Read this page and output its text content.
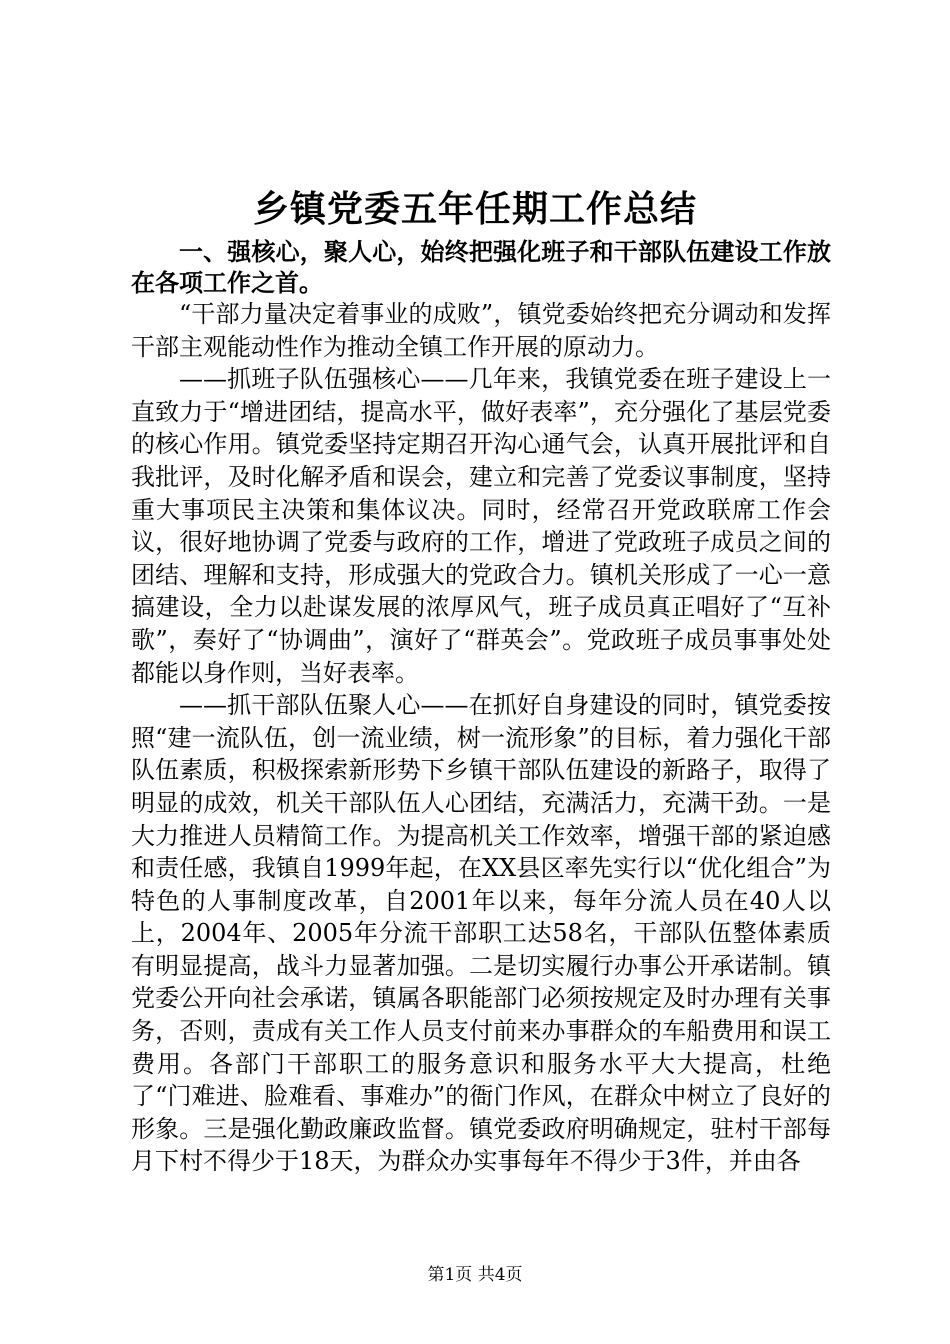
乡镇党委五年任期工作总结

一、强核心，聚人心，始终把强化班子和干部队伍建设工作放在各项工作之首。

“干部力量决定着事业的成败”，镇党委始终把充分调动和发挥干部主观能动性作为推动全镇工作开展的原动力。

——抓班子队伍强核心——几年来，我镇党委在班子建设上一直致力于“增进团结，提高水平，做好表率”，充分强化了基层党委的核心作用。镇党委坚持定期召开沟心通气会，认真开展批评和自我批评，及时化解矛盾和误会，建立和完善了党委议事制度，坚持重大事项民主决策和集体议决。同时，经常召开党政联席工作会议，很好地协调了党委与政府的工作，增进了党政班子成员之间的团结、理解和支持，形成强大的党政合力。镇机关形成了一心一意搞建设，全力以赴谋发展的浓厚风气，班子成员真正唱好了“互补歌”，奏好了“协调曲”，演好了“群英会”。党政班子成员事事处处都能以身作则，当好表率。

——抓干部队伍聚人心——在抓好自身建设的同时，镇党委按照“建一流队伍，创一流业绩，树一流形象”的目标，着力强化干部队伍素质，积极探索新形势下乡镇干部队伍建设的新路子，取得了明显的成效，机关干部队伍人心团结，充满活力，充满干劲。一是大力推进人员精简工作。为提高机关工作效率，增强干部的紧迫感和责任感，我镇自1999年起，在XX县区率先实行以“优化组合”为特色的人事制度改革，自2001年以来，每年分流人员在40人以上，2004年、2005年分流干部职工达58名，干部队伍整体素质有明显提高，战斗力显著加强。二是切实履行办事公开承诺制。镇党委公开向社会承诺，镇属各职能部门必须按规定及时办理有关事务，否则，责成有关工作人员支付前来办事群众的车船费用和误工费用。各部门干部职工的服务意识和服务水平大大提高，杜绝了“门难进、脸难看、事难办”的衙门作风，在群众中树立了良好的形象。三是强化勤政廉政监督。镇党委政府明确规定，驻村干部每月下村不得少于18天，为群众办实事每年不得少于3件，并由各

第1页 共4页
